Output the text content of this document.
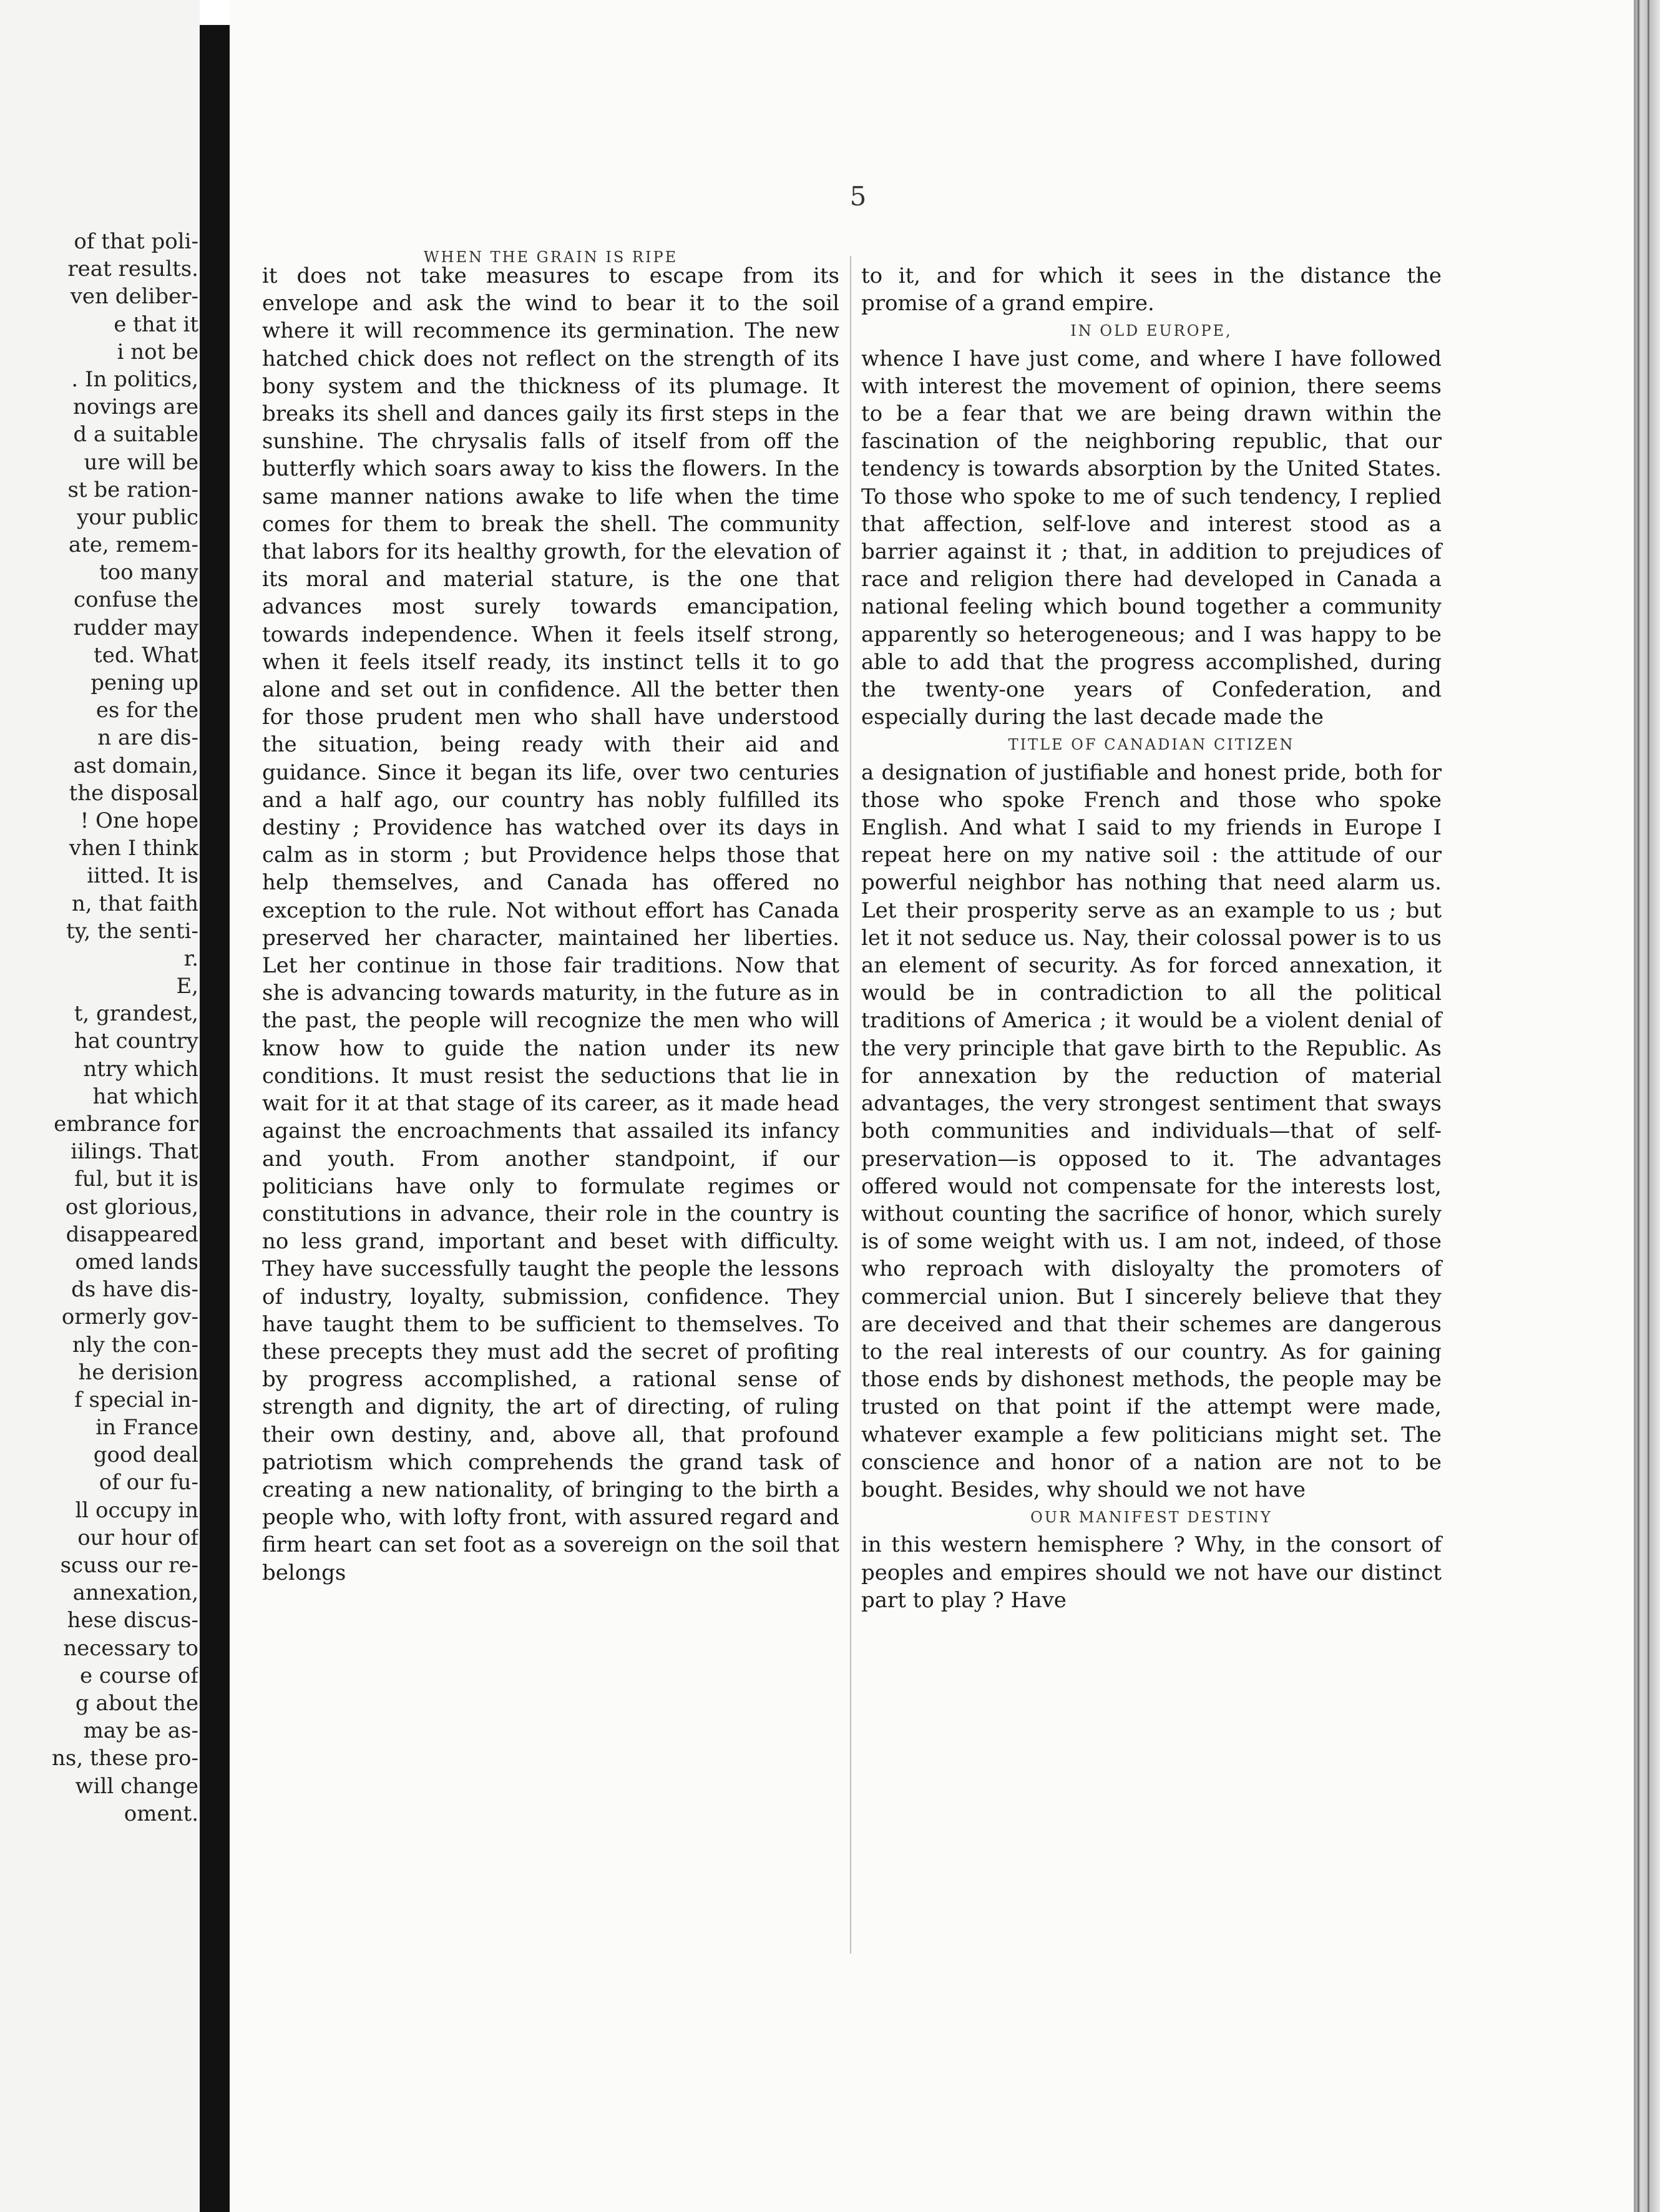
of that poli-
reat results.
ven deliber-
e that it
i not be
. In politics,
novings are
d a suitable
ure will be
st be ration-
your public
ate, remem-
too many
confuse the
rudder may
ted. What
pening up
es for the
n are dis-
ast domain,
the disposal
! One hope
vhen I think
iitted. It is
n, that faith
ty, the senti-
r.
E,
t, grandest,
hat country
ntry which
hat which
embrance for
iilings. That
ful, but it is
ost glorious,
disappeared
omed lands
ds have dis-
ormerly gov-
nly the con-
he derision
f special in-
in France
good deal
of our fu-
ll occupy in
our hour of
scuss our re-
annexation,
hese discus-
necessary to
e course of
g about the
may be as-
ns, these pro-
will change
oment.
5

WHEN THE GRAIN IS RIPE

it does not take measures to escape from its envelope and ask the wind to bear it to the soil where it will recommence its germination. The new hatched chick does not reflect on the strength of its bony system and the thickness of its plumage. It breaks its shell and dances gaily its first steps in the sunshine. The chrysalis falls of itself from off the butterfly which soars away to kiss the flowers. In the same manner nations awake to life when the time comes for them to break the shell. The community that labors for its healthy growth, for the elevation of its moral and material stature, is the one that advances most surely towards emancipation, towards independence. When it feels itself strong, when it feels itself ready, its instinct tells it to go alone and set out in confidence. All the better then for those prudent men who shall have understood the situation, being ready with their aid and guidance. Since it began its life, over two centuries and a half ago, our country has nobly fulfilled its destiny ; Providence has watched over its days in calm as in storm ; but Providence helps those that help themselves, and Canada has offered no exception to the rule. Not without effort has Canada preserved her character, maintained her liberties. Let her continue in those fair traditions. Now that she is advancing towards maturity, in the future as in the past, the people will recognize the men who will know how to guide the nation under its new conditions. It must resist the seductions that lie in wait for it at that stage of its career, as it made head against the encroachments that assailed its infancy and youth. From another standpoint, if our politicians have only to formulate regimes or constitutions in advance, their role in the country is no less grand, important and beset with difficulty. They have successfully taught the people the lessons of industry, loyalty, submission, confidence. They have taught them to be sufficient to themselves. To these precepts they must add the secret of profiting by progress accomplished, a rational sense of strength and dignity, the art of directing, of ruling their own destiny, and, above all, that profound patriotism which comprehends the grand task of creating a new nationality, of bringing to the birth a people who, with lofty front, with assured regard and firm heart can set foot as a sovereign on the soil that belongs

to it, and for which it sees in the distance the promise of a grand empire.

IN OLD EUROPE,

whence I have just come, and where I have followed with interest the movement of opinion, there seems to be a fear that we are being drawn within the fascination of the neighboring republic, that our tendency is towards absorption by the United States. To those who spoke to me of such tendency, I replied that affection, self-love and interest stood as a barrier against it ; that, in addition to prejudices of race and religion there had developed in Canada a national feeling which bound together a community apparently so heterogeneous; and I was happy to be able to add that the progress accomplished, during the twenty-one years of Confederation, and especially during the last decade made the

TITLE OF CANADIAN CITIZEN

a designation of justifiable and honest pride, both for those who spoke French and those who spoke English. And what I said to my friends in Europe I repeat here on my native soil : the attitude of our powerful neighbor has nothing that need alarm us. Let their prosperity serve as an example to us ; but let it not seduce us. Nay, their colossal power is to us an element of security. As for forced annexation, it would be in contradiction to all the political traditions of America ; it would be a violent denial of the very principle that gave birth to the Republic. As for annexation by the reduction of material advantages, the very strongest sentiment that sways both communities and individuals—that of self-preservation—is opposed to it. The advantages offered would not compensate for the interests lost, without counting the sacrifice of honor, which surely is of some weight with us. I am not, indeed, of those who reproach with disloyalty the promoters of commercial union. But I sincerely believe that they are deceived and that their schemes are dangerous to the real interests of our country. As for gaining those ends by dishonest methods, the people may be trusted on that point if the attempt were made, whatever example a few politicians might set. The conscience and honor of a nation are not to be bought. Besides, why should we not have

OUR MANIFEST DESTINY

in this western hemisphere ? Why, in the consort of peoples and empires should we not have our distinct part to play ? Have
